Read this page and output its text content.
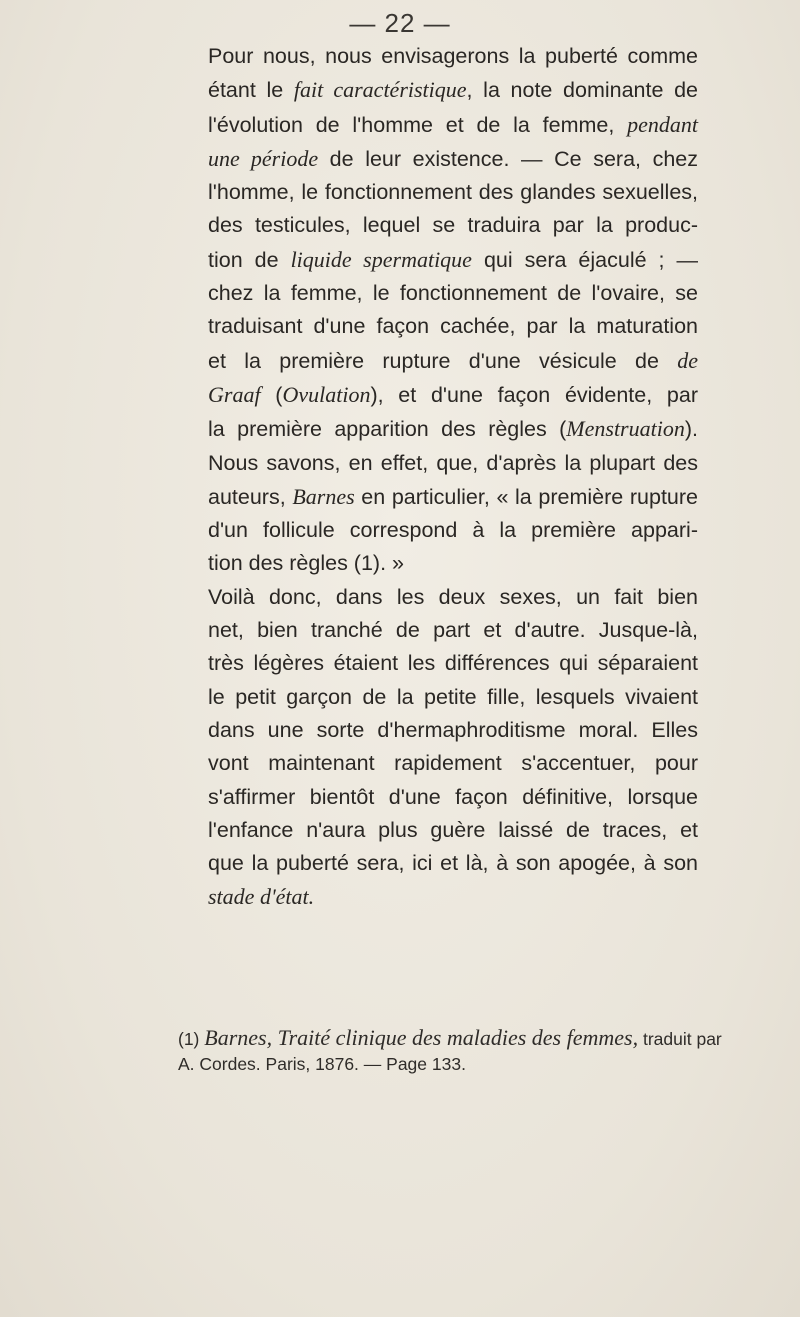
— 22 —

Pour nous, nous envisagerons la puberté comme
étant le fait caractéristique, la note dominante de
l'évolution de l'homme et de la femme, pendant
une période de leur existence. — Ce sera, chez
l'homme, le fonctionnement des glandes sexuelles,
des testicules, lequel se traduira par la produc-
tion de liquide spermatique qui sera éjaculé ; —
chez la femme, le fonctionnement de l'ovaire, se
traduisant d'une façon cachée, par la maturation
et la première rupture d'une vésicule de de
Graaf (Ovulation), et d'une façon évidente, par
la première apparition des règles (Menstruation).
Nous savons, en effet, que, d'après la plupart des
auteurs, Barnes en particulier, « la première rupture
d'un follicule correspond à la première appari-
tion des règles (1). »

Voilà donc, dans les deux sexes, un fait bien
net, bien tranché de part et d'autre. Jusque-là,
très légères étaient les différences qui séparaient
le petit garçon de la petite fille, lesquels vivaient
dans une sorte d'hermaphroditisme moral. Elles
vont maintenant rapidement s'accentuer, pour
s'affirmer bientôt d'une façon définitive, lorsque
l'enfance n'aura plus guère laissé de traces, et
que la puberté sera, ici et là, à son apogée, à son
stade d'état.

(1) Barnes, Traité clinique des maladies des femmes, traduit par
A. Cordes. Paris, 1876. — Page 133.
